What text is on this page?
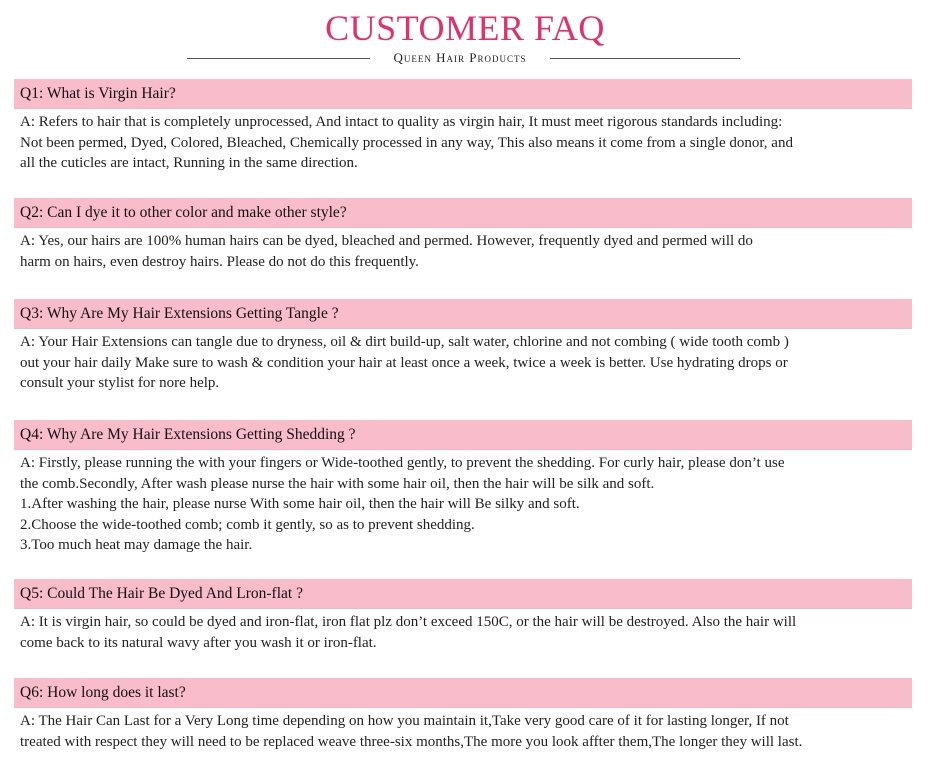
CUSTOMER FAQ
Queen Hair Products
Q1: What is Virgin Hair?
A: Refers to hair that is completely unprocessed, And intact to quality as virgin hair, It must meet rigorous standards including:
Not been permed, Dyed, Colored, Bleached, Chemically processed in any way, This also means it come from a single donor, and
all the cuticles are intact, Running in the same direction.
Q2: Can I dye it to other color and make other style?
A: Yes, our hairs are 100% human hairs can be dyed, bleached and permed. However, frequently dyed and permed will do
harm on hairs, even destroy hairs. Please do not do this frequently.
Q3: Why Are My Hair Extensions Getting Tangle ?
A: Your Hair Extensions can tangle due to dryness, oil & dirt build-up, salt water, chlorine and not combing ( wide tooth comb )
out your hair daily Make sure to wash & condition your hair at least once a week, twice a week is better. Use hydrating drops or
consult your stylist for nore help.
Q4: Why Are My Hair Extensions Getting Shedding ?
A: Firstly, please running the with your fingers or Wide-toothed gently, to prevent the shedding. For curly hair, please don’t use
the comb.Secondly, After wash please nurse the hair with some hair oil, then the hair will be silk and soft.
1.After washing the hair, please nurse With some hair oil, then the hair will Be silky and soft.
2.Choose the wide-toothed comb; comb it gently, so as to prevent shedding.
3.Too much heat may damage the hair.
Q5: Could The Hair Be Dyed And Lron-flat ?
A: It is virgin hair, so could be dyed and iron-flat, iron flat plz don’t exceed 150C, or the hair will be destroyed. Also the hair will
come back to its natural wavy after you wash it or iron-flat.
Q6: How long does it last?
A: The Hair Can Last for a Very Long time depending on how you maintain it,Take very good care of it for lasting longer, If not
treated with respect they will need to be replaced weave three-six months,The more you look affter them,The longer they will last.
